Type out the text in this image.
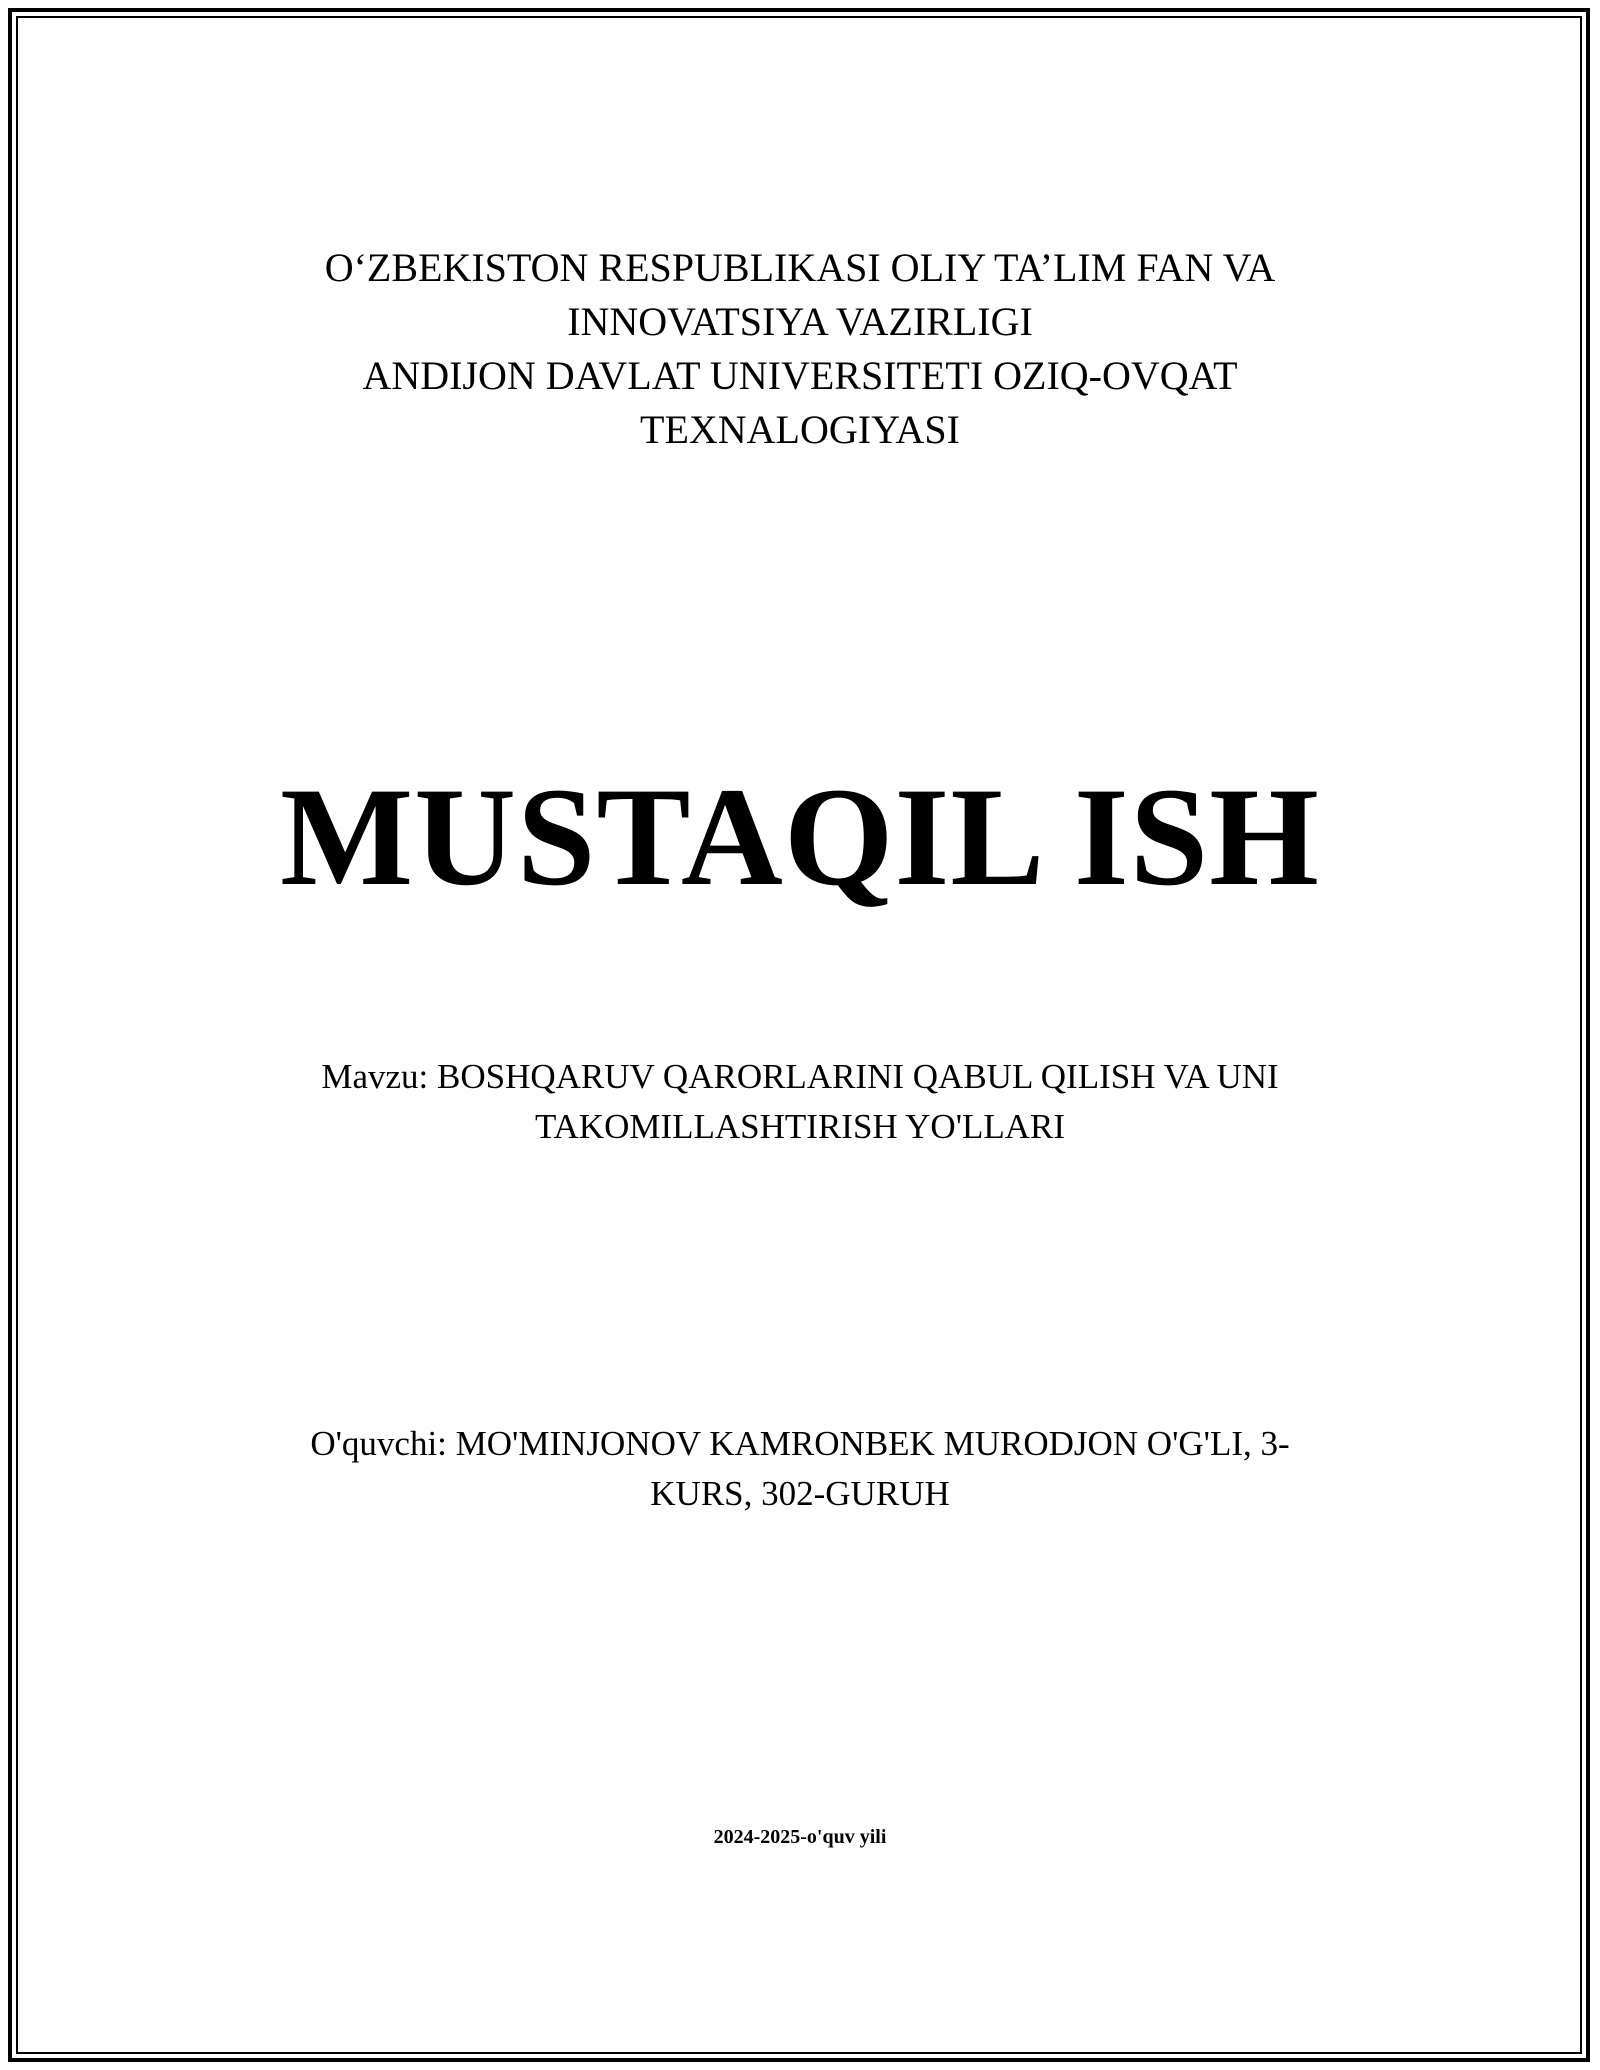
O‘ZBEKISTON RESPUBLIKASI OLIY TA’LIM FAN VA
INNOVATSIYA VAZIRLIGI
ANDIJON DAVLAT UNIVERSITETI OZIQ-OVQAT
TEXNALOGIYASI
MUSTAQIL ISH
Mavzu: BOSHQARUV QARORLARINI QABUL QILISH VA UNI
TAKOMILLASHTIRISH YO'LLARI
O'quvchi: MO'MINJONOV KAMRONBEK MURODJON O'G'LI, 3-
KURS, 302-GURUH
2024-2025-o'quv yili
